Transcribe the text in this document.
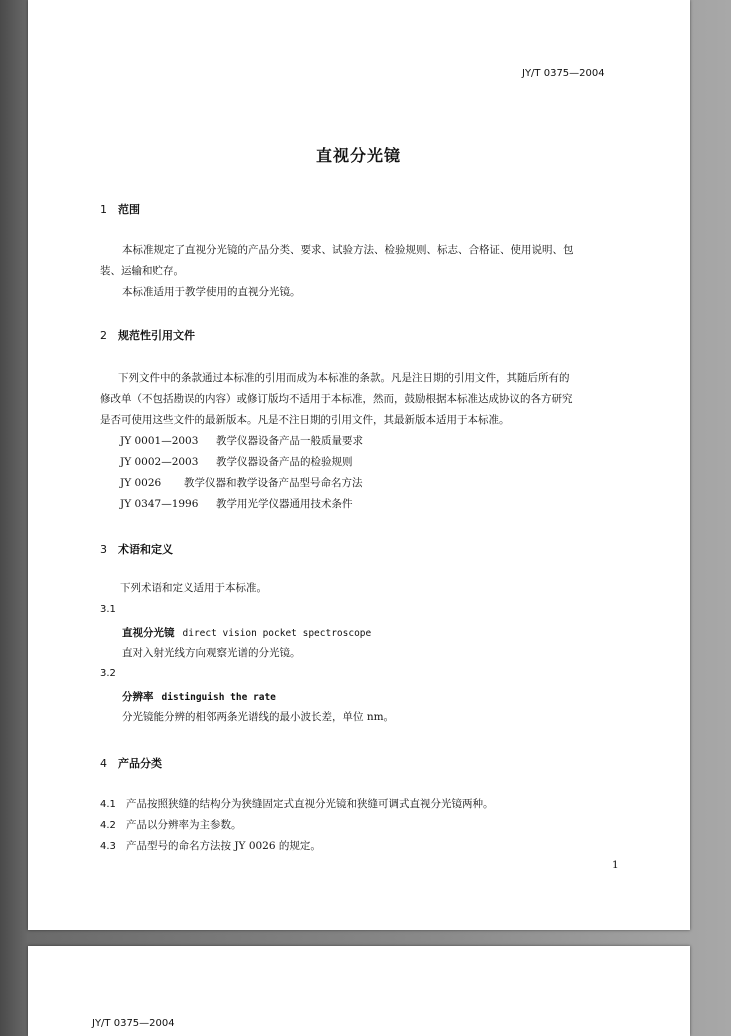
JY/T 0375—2004
直视分光镜
1 范围
本标准规定了直视分光镜的产品分类、要求、试验方法、检验规则、标志、合格证、使用说明、包
装、运输和贮存。
本标准适用于教学使用的直视分光镜。
2 规范性引用文件
下列文件中的条款通过本标准的引用而成为本标准的条款。凡是注日期的引用文件，其随后所有的
修改单（不包括勘误的内容）或修订版均不适用于本标准，然而，鼓励根据本标准达成协议的各方研究
是否可使用这些文件的最新版本。凡是不注日期的引用文件，其最新版本适用于本标准。
JY 0001—2003 教学仪器设备产品一般质量要求
JY 0002—2003 教学仪器设备产品的检验规则
JY 0026 教学仪器和教学设备产品型号命名方法
JY 0347—1996 教学用光学仪器通用技术条件
3 术语和定义
下列术语和定义适用于本标准。
3.1
直视分光镜 direct vision pocket spectroscope
直对入射光线方向观察光谱的分光镜。
3.2
分辨率 distinguish the rate
分光镜能分辨的相邻两条光谱线的最小波长差，单位 nm。
4 产品分类
4.1 产品按照狭缝的结构分为狭缝固定式直视分光镜和狭缝可调式直视分光镜两种。
4.2 产品以分辨率为主参数。
4.3 产品型号的命名方法按 JY 0026 的规定。
1
JY/T 0375—2004
